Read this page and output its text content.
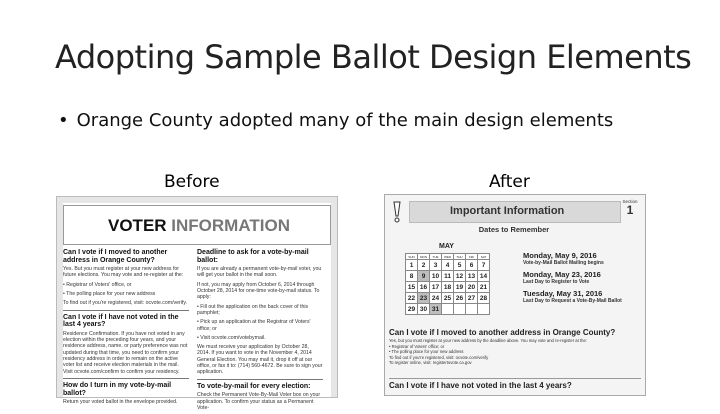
Adopting Sample Ballot Design Elements
• Orange County adopted many of the main design elements
Before	After
VOTER INFORMATION
Can I vote if I moved to another address in Orange County?

Yes. But you must register at your new address for future elections. You may vote and re-register at the:

• Registrar of Voters' office, or

• The polling place for your new address

To find out if you're registered, visit: ocvote.com/verify.

Can I vote if I have not voted in the last 4 years?

Residence Confirmation. If you have not voted in any election within the preceding four years, and your residence address, name, or party preference was not updated during that time, you need to confirm your residency address in order to remain on the active voter list and receive election materials in the mail. Visit ocvote.com/confirm to confirm your residency.

How do I turn in my vote-by-mail ballot?

Return your voted ballot in the envelope provided.

Deadline to ask for a vote-by-mail ballot:

If you are already a permanent vote-by-mail voter, you will get your ballot in the mail soon.

If not, you may apply from October 6, 2014 through October 28, 2014 for one-time vote-by-mail status. To apply:

• Fill out the application on the back cover of this pamphlet;

• Pick up an application at the Registrar of Voters' office; or

• Visit ocvote.com/votebymail.

We must receive your application by October 28, 2014. If you want to vote in the November 4, 2014 General Election. You may mail it, drop it off at our office, or fax it to: (714) 560-4672. Be sure to sign your application.

To vote-by-mail for every election:

Check the Permanent Vote-By-Mail Voter box on your application. To confirm your status as a Permanent Vote-

Important Information
Section
1
Dates to Remember
MAY
SUN	MON	TUE	WED	THU	FRI	SAT
1	2	3	4	5	6	7
8	9	10	11	12	13	14
15	16	17	18	19	20	21
22	23	24	25	26	27	28
29	30	31				
Monday, May 9, 2016
Vote-by-Mail Ballot Mailing begins
Monday, May 23, 2016
Last Day to Register to Vote
Tuesday, May 31, 2016
Last Day to Request a Vote-By-Mail Ballot
Can I vote if I moved to another address in Orange County?
Yes, but you must register at your new address by the deadline above. You may vote and re-register at the:
• Registrar of Voters' office; or
• The polling place for your new address
To find out if you're registered, visit: ocvote.com/verify
To register online, visit: registertovote.ca.gov
Can I vote if I have not voted in the last 4 years?
